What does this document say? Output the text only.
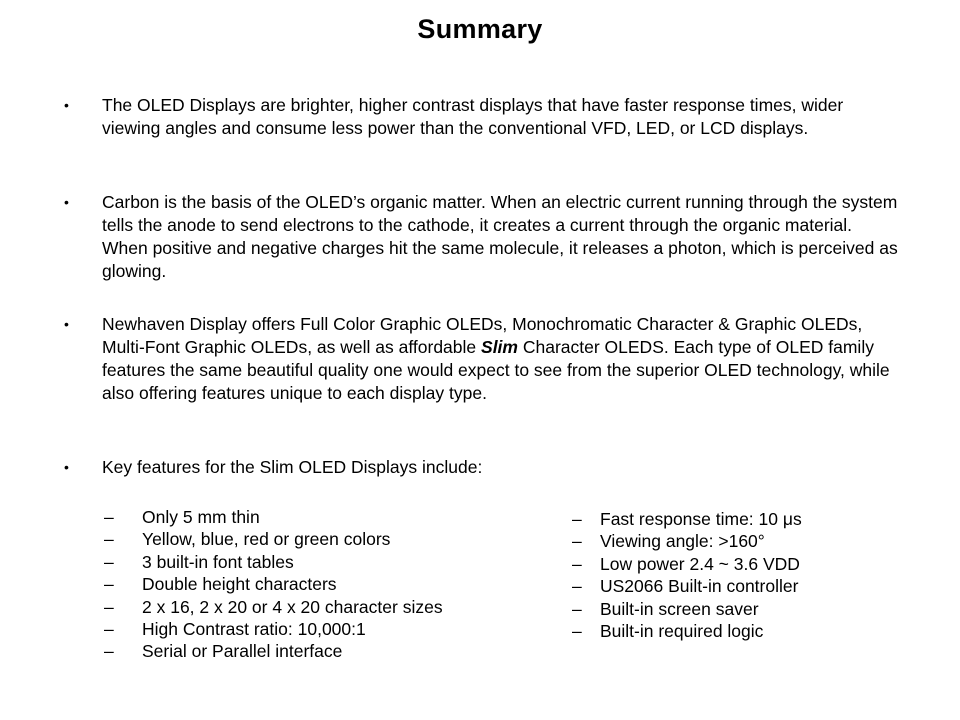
Summary
• The OLED Displays are brighter, higher contrast displays that have faster response times, wider viewing angles and consume less power than the conventional VFD, LED, or LCD displays.
• Carbon is the basis of the OLED’s organic matter. When an electric current running through the system tells the anode to send electrons to the cathode, it creates a current through the organic material. When positive and negative charges hit the same molecule, it releases a photon, which is perceived as glowing.
• Newhaven Display offers Full Color Graphic OLEDs, Monochromatic Character & Graphic OLEDs, Multi-Font Graphic OLEDs, as well as affordable Slim Character OLEDS. Each type of OLED family features the same beautiful quality one would expect to see from the superior OLED technology, while also offering features unique to each display type.
• Key features for the Slim OLED Displays include:
– Only 5 mm thin
– Yellow, blue, red or green colors
– 3 built-in font tables
– Double height characters
– 2 x 16, 2 x 20 or 4 x 20 character sizes
– High Contrast ratio: 10,000:1
– Serial or Parallel interface
– Fast response time: 10 μs
– Viewing angle: >160°
– Low power 2.4 ~ 3.6 VDD
– US2066 Built-in controller
– Built-in screen saver
– Built-in required logic
